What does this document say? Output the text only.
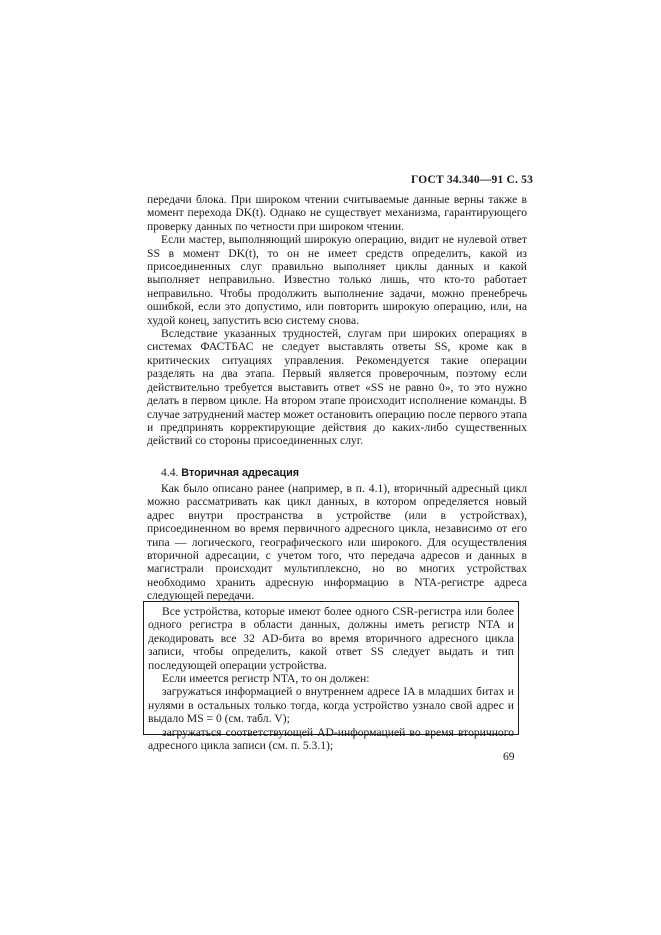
ГОСТ 34.340—91 С. 53

передачи блока. При широком чтении считываемые данные верны также в момент перехода DK(t). Однако не существует механизма, гарантирующего проверку данных по четности при широком чтении.

Если мастер, выполняющий широкую операцию, видит не нулевой ответ SS в момент DK(t), то он не имеет средств определить, какой из присоединенных слуг правильно выполняет циклы данных и какой выполняет неправильно. Известно только лишь, что кто-то работает неправильно. Чтобы продолжить выполнение задачи, можно пренебречь ошибкой, если это допустимо, или повторить широкую операцию, или, на худой конец, запустить всю систему снова.

Вследствие указанных трудностей, слугам при широких операциях в системах ФАСТБАС не следует выставлять ответы SS, кроме как в критических ситуациях управления. Рекомендуется такие операции разделять на два этапа. Первый является проверочным, поэтому если действительно требуется выставить ответ «SS не равно 0», то это нужно делать в первом цикле. На втором этапе происходит исполнение команды. В случае затруднений мастер может остановить операцию после первого этапа и предпринять корректирующие действия до каких-либо существенных действий со стороны присоединенных слуг.

4.4. Вторичная адресация

Как было описано ранее (например, в п. 4.1), вторичный адресный цикл можно рассматривать как цикл данных, в котором определяется новый адрес внутри пространства в устройстве (или в устройствах), присоединенном во время первичного адресного цикла, независимо от его типа — логического, географического или широкого. Для осуществления вторичной адресации, с учетом того, что передача адресов и данных в магистрали происходит мультиплексно, но во многих устройствах необходимо хранить адресную информацию в NTA-регистре адреса следующей передачи.

Все устройства, которые имеют более одного CSR-регистра или более одного регистра в области данных, должны иметь регистр NTA и декодировать все 32 AD-бита во время вторичного адресного цикла записи, чтобы определить, какой ответ SS следует выдать и тип последующей операции устройства.

Если имеется регистр NTA, то он должен:

загружаться информацией о внутреннем адресе IA в младших битах и нулями в остальных только тогда, когда устройство узнало свой адрес и выдало MS = 0 (см. табл. V);

загружаться соответствующей AD-информацией во время вторичного адресного цикла записи (см. п. 5.3.1);

69
